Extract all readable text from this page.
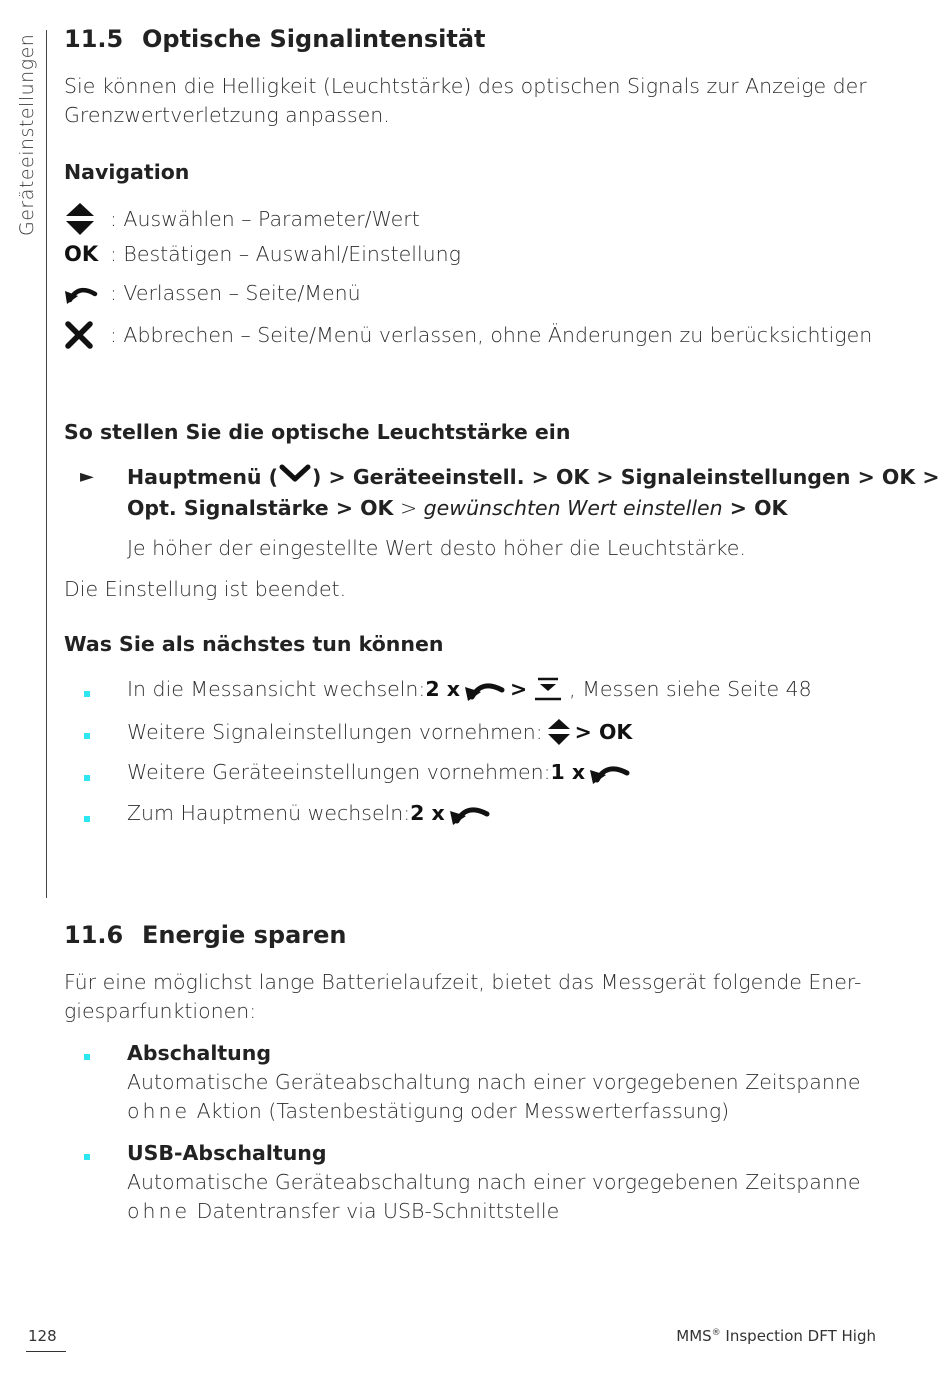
Geräteeinstellungen 11.5 Optische Signalintensität
Sie können die Helligkeit (Leuchtstärke) des optischen Signals zur Anzeige der
Grenzwertverletzung anpassen.
Navigation
: Auswählen – Parameter/Wert
OK : Bestätigen – Auswahl/Einstellung
: Verlassen – Seite/Menü
: Abbrechen – Seite/Menü verlassen, ohne Änderungen zu berücksichtigen
So stellen Sie die optische Leuchtstärke ein
► Hauptmenü ( ) > Geräteeinstell. > OK > Signaleinstellungen > OK >
Opt. Signalstärke > OK > gewünschten Wert einstellen > OK
Je höher der eingestellte Wert desto höher die Leuchtstärke.
Die Einstellung ist beendet.
Was Sie als nächstes tun können
In die Messansicht wechseln: 2 x > , Messen siehe Seite 48
Weitere Signaleinstellungen vornehmen: > OK
Weitere Geräteeinstellungen vornehmen: 1 x
Zum Hauptmenü wechseln: 2 x
11.6 Energie sparen
Für eine möglichst lange Batterielaufzeit, bietet das Messgerät folgende Ener-
giesparfunktionen:
Abschaltung
Automatische Geräteabschaltung nach einer vorgegebenen Zeitspanne
ohne Aktion (Tastenbestätigung oder Messwerterfassung)
USB-Abschaltung
Automatische Geräteabschaltung nach einer vorgegebenen Zeitspanne
ohne Datentransfer via USB-Schnittstelle
128	MMS® Inspection DFT High
